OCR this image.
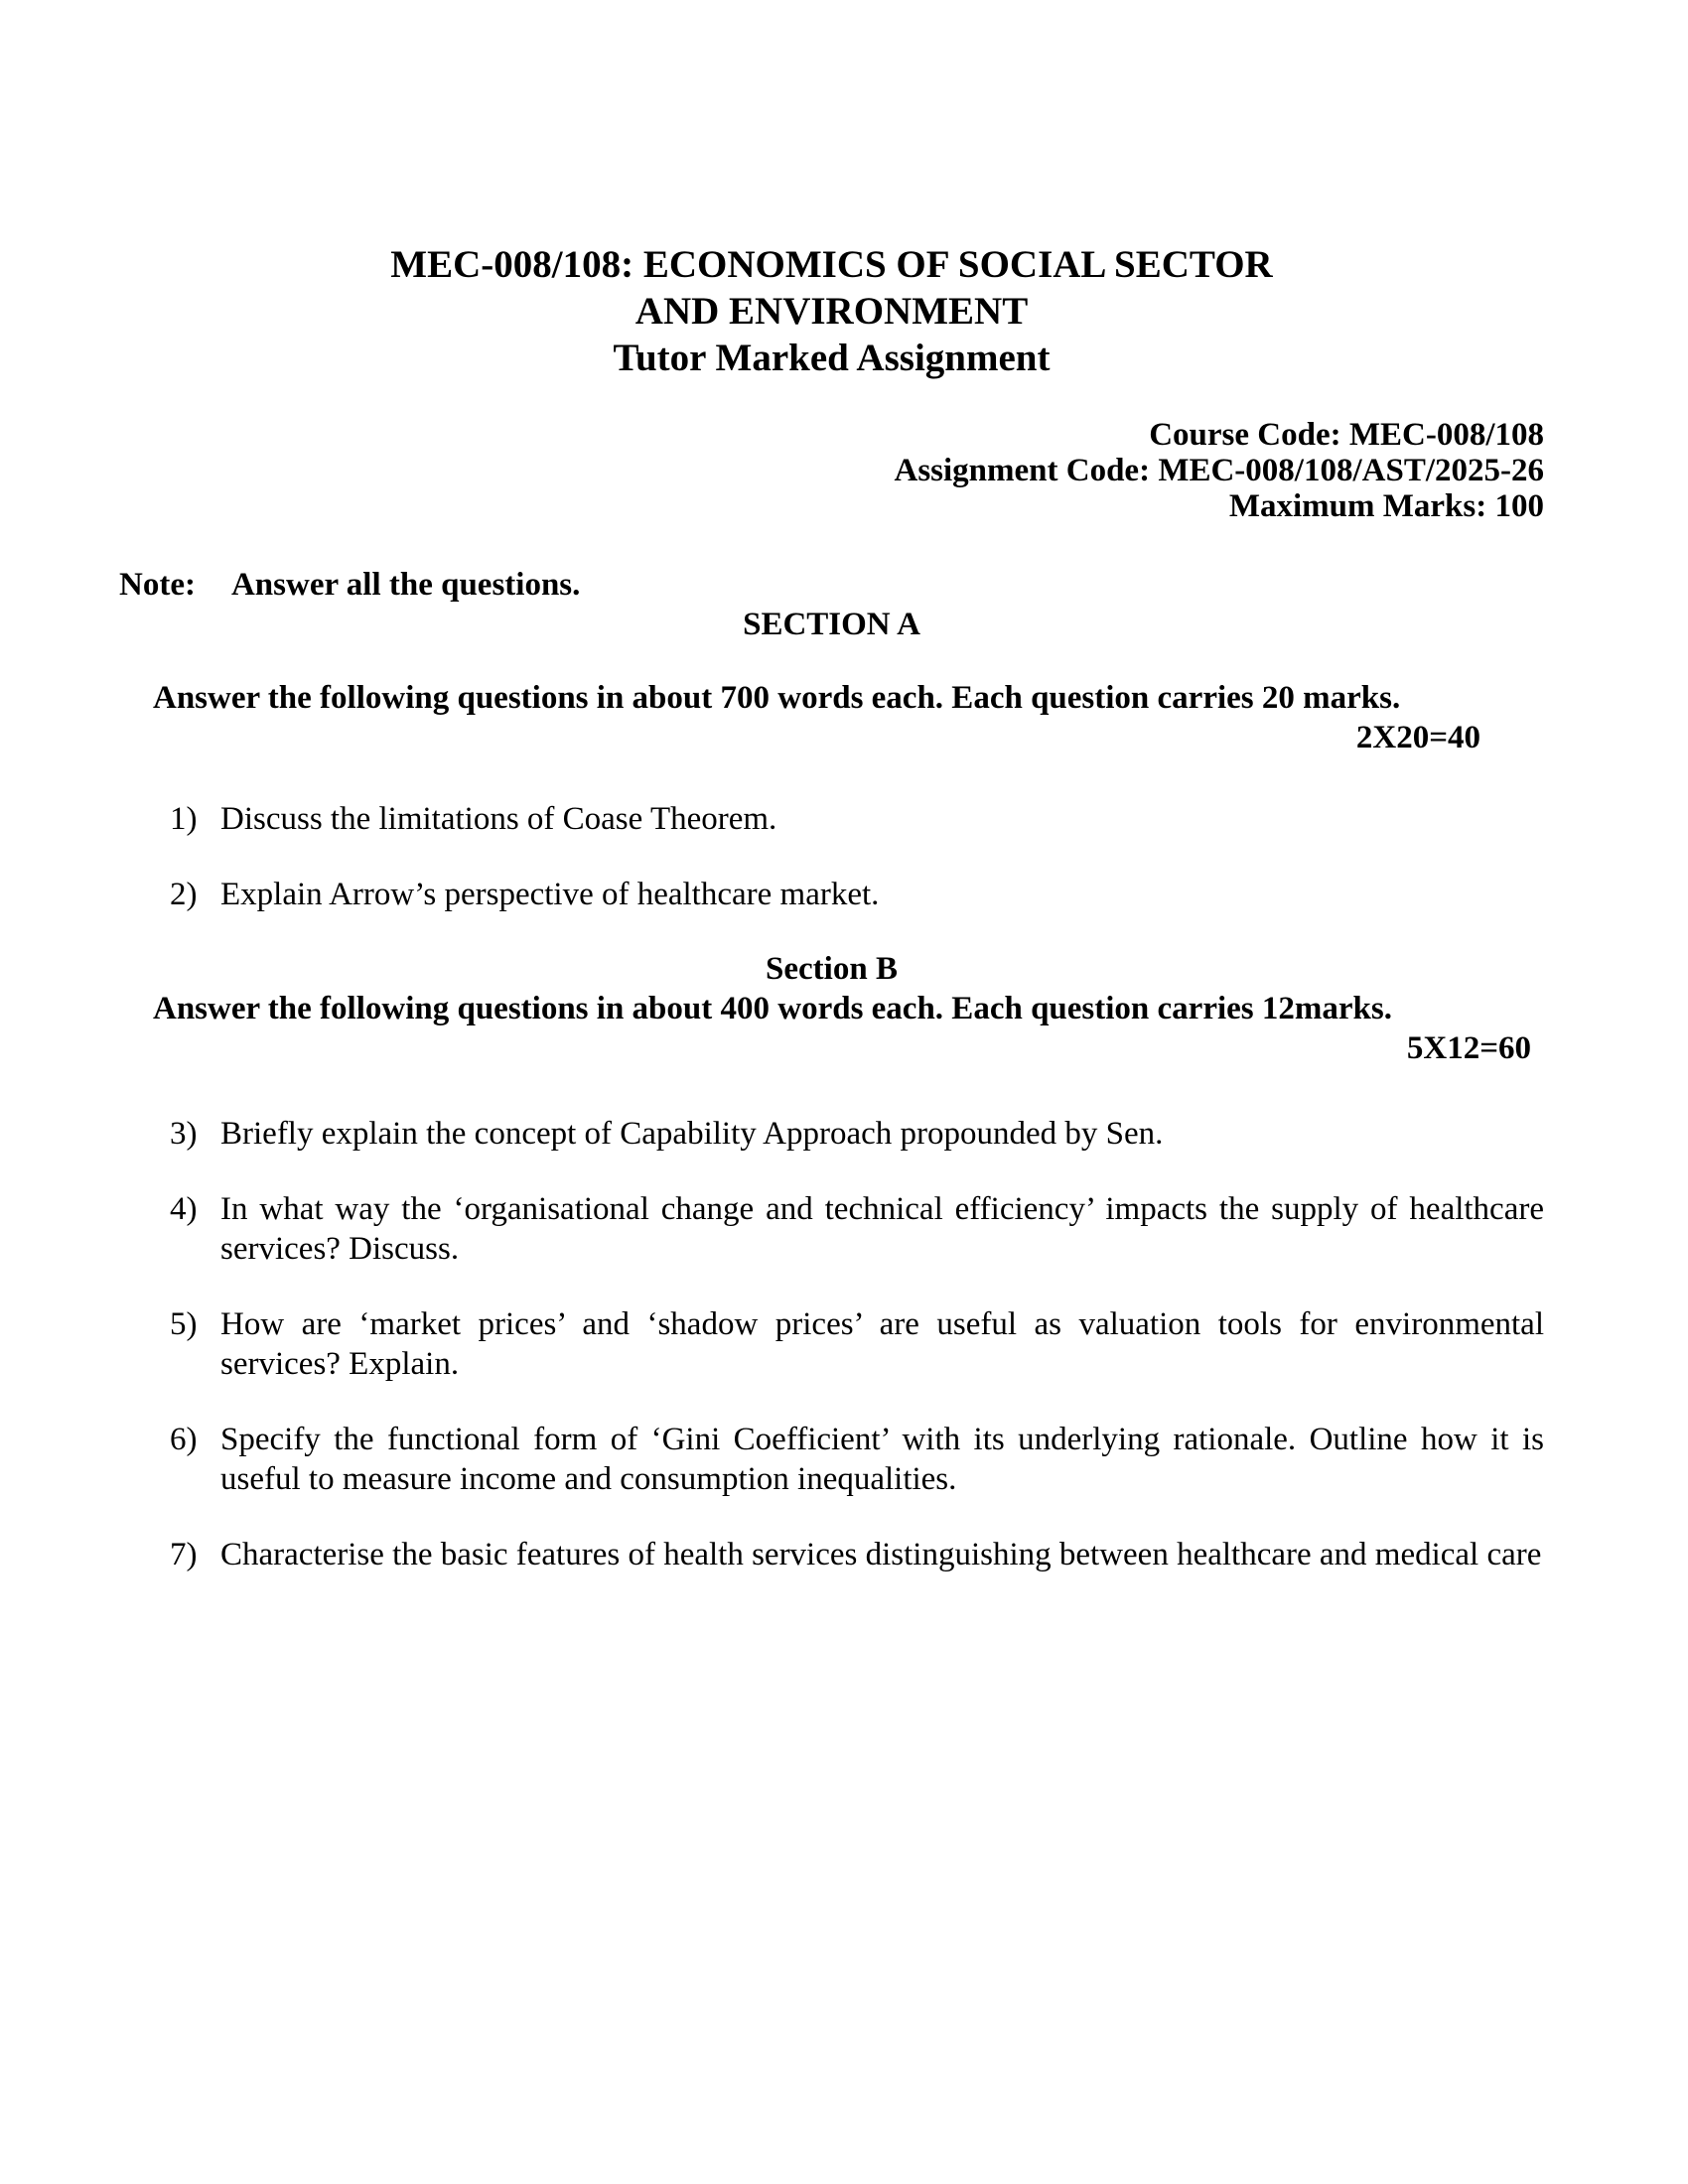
MEC-008/108: ECONOMICS OF SOCIAL SECTOR
AND ENVIRONMENT
Tutor Marked Assignment
Course Code: MEC-008/108
Assignment Code: MEC-008/108/AST/2025-26
Maximum Marks: 100
Note: Answer all the questions.
SECTION A
Answer the following questions in about 700 words each. Each question carries 20 marks.
2X20=40
1) Discuss the limitations of Coase Theorem.
2) Explain Arrow’s perspective of healthcare market.
Section B
Answer the following questions in about 400 words each. Each question carries 12marks.
5X12=60
3) Briefly explain the concept of Capability Approach propounded by Sen.
4) In what way the ‘organisational change and technical efficiency’ impacts the supply of healthcare services? Discuss.
5) How are ‘market prices’ and ‘shadow prices’ are useful as valuation tools for environmental services? Explain.
6) Specify the functional form of ‘Gini Coefficient’ with its underlying rationale. Outline how it is useful to measure income and consumption inequalities.
7) Characterise the basic features of health services distinguishing between healthcare and medical care
